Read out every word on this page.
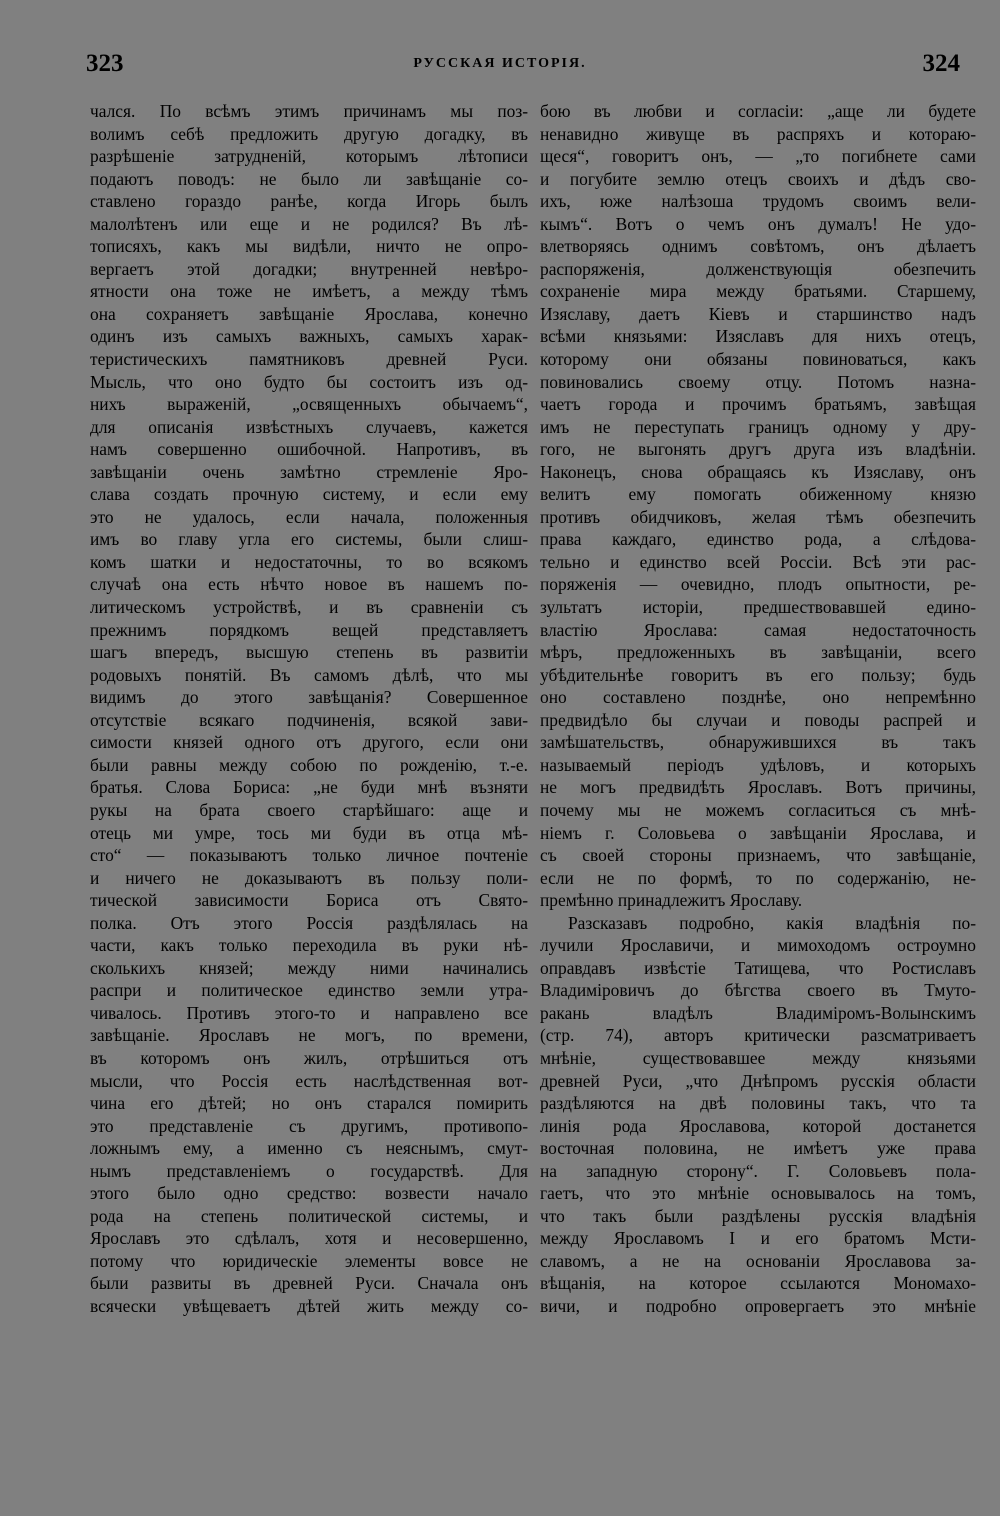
323	РУССКАЯ ИСТОРІЯ.	324
чался. По всѣмъ этимъ причинамъ мы поз-
волимъ себѣ предложить другую догадку, въ
разрѣшеніе затрудненій, которымъ лѣтописи
подаютъ поводъ: не было ли завѣщаніе со-
ставлено гораздо ранѣе, когда Игорь былъ
малолѣтенъ или еще и не родился? Въ лѣ-
тописяхъ, какъ мы видѣли, ничто не опро-
вергаетъ этой догадки; внутренней невѣро-
ятности она тоже не имѣетъ, а между тѣмъ
она сохраняетъ завѣщаніе Ярослава, конечно
одинъ изъ самыхъ важныхъ, самыхъ харак-
теристическихъ памятниковъ древней Руси.
Мысль, что оно будто бы состоитъ изъ од-
нихъ выраженій, „освященныхъ обычаемъ“,
для описанія извѣстныхъ случаевъ, кажется
намъ совершенно ошибочной. Напротивъ, въ
завѣщаніи очень замѣтно стремленіе Яро-
слава создать прочную систему, и если ему
это не удалось, если начала, положенныя
имъ во главу угла его системы, были слиш-
комъ шатки и недостаточны, то во всякомъ
случаѣ она есть нѣчто новое въ нашемъ по-
литическомъ устройствѣ, и въ сравненіи съ
прежнимъ порядкомъ вещей представляетъ
шагъ впередъ, высшую степень въ развитіи
родовыхъ понятій. Въ самомъ дѣлѣ, что мы
видимъ до этого завѣщанія? Совершенное
отсутствіе всякаго подчиненія, всякой зави-
симости князей одного отъ другого, если они
были равны между собою по рожденію, т.-е.
братья. Слова Бориса: „не буди мнѣ възняти
рукы на брата своего старѣйшаго: аще и
отець ми умре, тось ми буди въ отца мѣ-
сто“ — показываютъ только личное почтеніе
и ничего не доказываютъ въ пользу поли-
тической зависимости Бориса отъ Свято-
полка. Отъ этого Россія раздѣлялась на
части, какъ только переходила въ руки нѣ-
сколькихъ князей; между ними начинались
распри и политическое единство земли утра-
чивалось. Противъ этого-то и направлено все
завѣщаніе. Ярославъ не могъ, по времени,
въ которомъ онъ жилъ, отрѣшиться отъ
мысли, что Россія есть наслѣдственная вот-
чина его дѣтей; но онъ старался помирить
это представленіе съ другимъ, противопо-
ложнымъ ему, а именно съ неяснымъ, смут-
нымъ представленіемъ о государствѣ. Для
этого было одно средство: возвести начало
рода на степень политической системы, и
Ярославъ это сдѣлалъ, хотя и несовершенно,
потому что юридическіе элементы вовсе не
были развиты въ древней Руси. Сначала онъ
всячески увѣщеваетъ дѣтей жить между со-
бою въ любви и согласіи: „аще ли будете
ненавидно живуще въ распряхъ и котораю-
щеся“, говоритъ онъ, — „то погибнете сами
и погубите землю отецъ своихъ и дѣдъ сво-
ихъ, юже налѣзоша трудомъ своимъ вели-
кымъ“. Вотъ о чемъ онъ думалъ! Не удо-
влетворяясь однимъ совѣтомъ, онъ дѣлаетъ
распоряженія, долженствующія обезпечить
сохраненіе мира между братьями. Старшему,
Изяславу, даетъ Кіевъ и старшинство надъ
всѣми князьями: Изяславъ для нихъ отецъ,
которому они обязаны повиноваться, какъ
повиновались своему отцу. Потомъ назна-
чаетъ города и прочимъ братьямъ, завѣщая
имъ не переступать границъ одному у дру-
гого, не выгонять другъ друга изъ владѣніи.
Наконецъ, снова обращаясь къ Изяславу, онъ
велитъ ему помогать обиженному князю
противъ обидчиковъ, желая тѣмъ обезпечить
права каждаго, единство рода, а слѣдова-
тельно и единство всей Россіи. Всѣ эти рас-
поряженія — очевидно, плодъ опытности, ре-
зультатъ исторіи, предшествовавшей едино-
властію Ярослава: самая недостаточность
мѣръ, предложенныхъ въ завѣщаніи, всего
убѣдительнѣе говоритъ въ его пользу; будь
оно составлено позднѣе, оно непремѣнно
предвидѣло бы случаи и поводы распрей и
замѣшательствъ, обнаружившихся въ такъ
называемый періодъ удѣловъ, и которыхъ
не могъ предвидѣть Ярославъ. Вотъ причины,
почему мы не можемъ согласиться съ мнѣ-
ніемъ г. Соловьева о завѣщаніи Ярослава, и
съ своей стороны признаемъ, что завѣщаніе,
если не по формѣ, то по содержанію, не-
премѣнно принадлежитъ Ярославу.
Разсказавъ подробно, какія владѣнія по-
лучили Ярославичи, и мимоходомъ остроумно
оправдавъ извѣстіе Татищева, что Ростиславъ
Владиміровичъ до бѣгства своего въ Тмуто-
ракань владѣлъ Владиміромъ-Волынскимъ
(стр. 74), авторъ критически разсматриваетъ
мнѣніе, существовавшее между князьями
древней Руси, „что Днѣпромъ русскія области
раздѣляются на двѣ половины такъ, что та
линія рода Ярославова, которой достанется
восточная половина, не имѣетъ уже права
на западную сторону“. Г. Соловьевъ пола-
гаетъ, что это мнѣніе основывалось на томъ,
что такъ были раздѣлены русскія владѣнія
между Ярославомъ I и его братомъ Мсти-
славомъ, а не на основаніи Ярославова за-
вѣщанія, на которое ссылаются Мономахо-
вичи, и подробно опровергаетъ это мнѣніе
